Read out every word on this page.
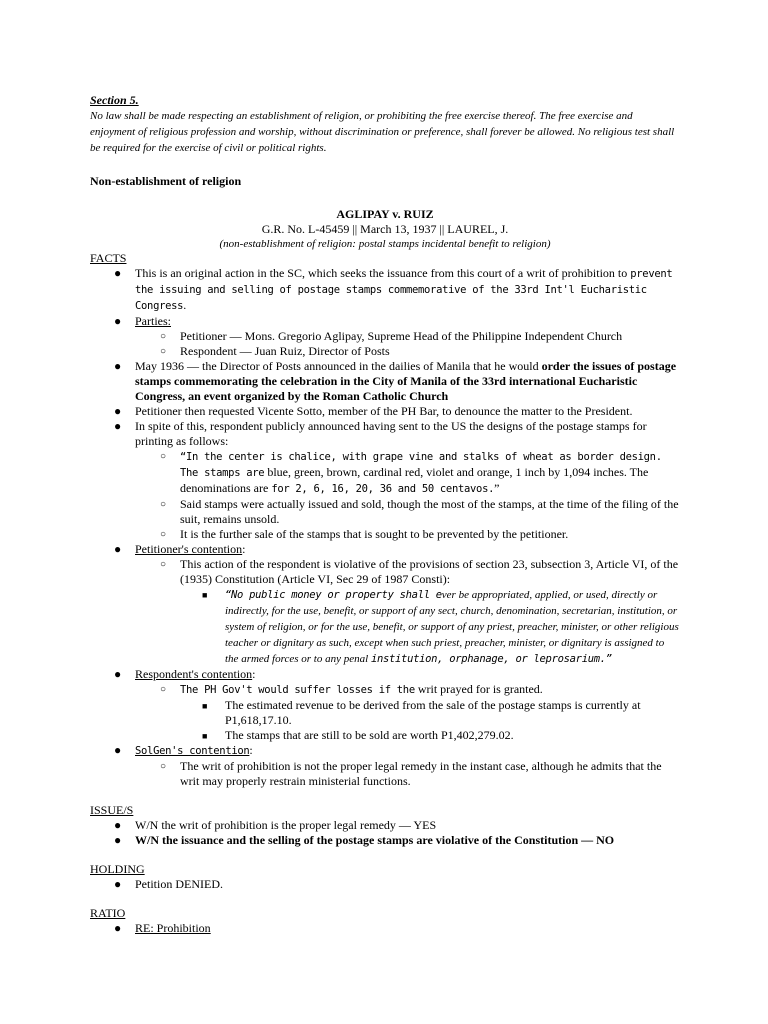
Section 5.

No law shall be made respecting an establishment of religion, or prohibiting the free exercise thereof. The free exercise and enjoyment of religious profession and worship, without discrimination or preference, shall forever be allowed. No religious test shall be required for the exercise of civil or political rights.

Non-establishment of religion
AGLIPAY v. RUIZ
G.R. No. L-45459 || March 13, 1937 || LAUREL, J.
(non-establishment of religion: postal stamps incidental benefit to religion)
FACTS
● This is an original action in the SC, which seeks the issuance from this court of a writ of prohibition to prevent the issuing and selling of postage stamps commemorative of the 33rd Int'l Eucharistic Congress.
● Parties:
○ Petitioner — Mons. Gregorio Aglipay, Supreme Head of the Philippine Independent Church
○ Respondent — Juan Ruiz, Director of Posts
● May 1936 — the Director of Posts announced in the dailies of Manila that he would order the issues of postage stamps commemorating the celebration in the City of Manila of the 33rd international Eucharistic Congress, an event organized by the Roman Catholic Church
● Petitioner then requested Vicente Sotto, member of the PH Bar, to denounce the matter to the President.
● In spite of this, respondent publicly announced having sent to the US the designs of the postage stamps for printing as follows:
○ “In the center is chalice, with grape vine and stalks of wheat as border design. The stamps are blue, green, brown, cardinal red, violet and orange, 1 inch by 1,094 inches. The denominations are for 2, 6, 16, 20, 36 and 50 centavos.”
○ Said stamps were actually issued and sold, though the most of the stamps, at the time of the filing of the suit, remains unsold.
○ It is the further sale of the stamps that is sought to be prevented by the petitioner.
● Petitioner's contention:
○ This action of the respondent is violative of the provisions of section 23, subsection 3, Article VI, of the (1935) Constitution (Article VI, Sec 29 of 1987 Consti):
■ “No public money or property shall ever be appropriated, applied, or used, directly or indirectly, for the use, benefit, or support of any sect, church, denomination, secretarian, institution, or system of religion, or for the use, benefit, or support of any priest, preacher, minister, or other religious teacher or dignitary as such, except when such priest, preacher, minister, or dignitary is assigned to the armed forces or to any penal institution, orphanage, or leprosarium.”
● Respondent's contention:
○ The PH Gov't would suffer losses if the writ prayed for is granted.
■ The estimated revenue to be derived from the sale of the postage stamps is currently at P1,618,17.10.
■ The stamps that are still to be sold are worth P1,402,279.02.
● SolGen's contention:
○ The writ of prohibition is not the proper legal remedy in the instant case, although he admits that the writ may properly restrain ministerial functions.
ISSUE/S
● W/N the writ of prohibition is the proper legal remedy — YES
● W/N the issuance and the selling of the postage stamps are violative of the Constitution — NO
HOLDING
● Petition DENIED.
RATIO
● RE: Prohibition
